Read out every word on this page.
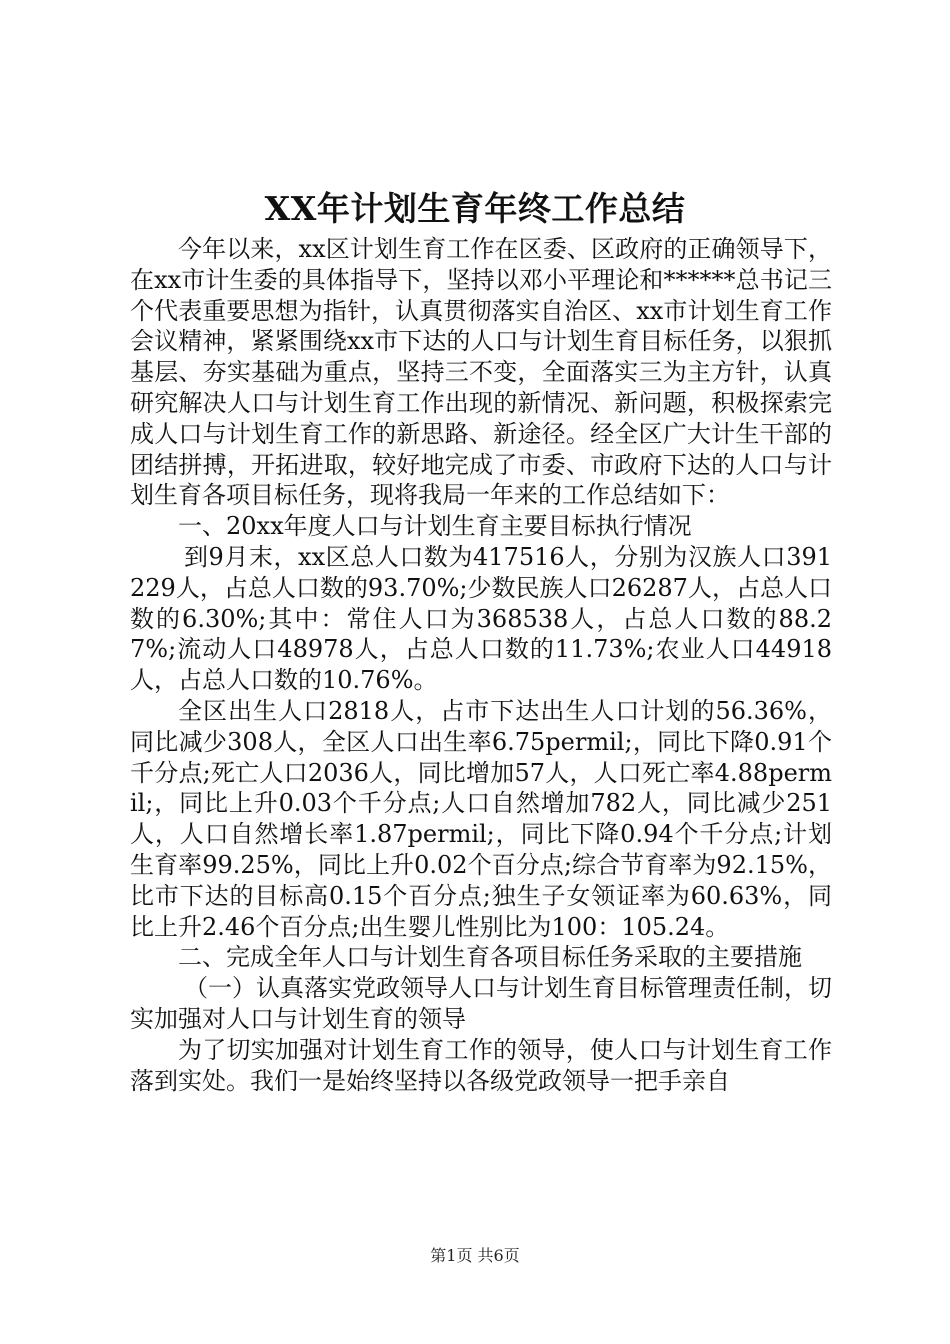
XX年计划生育年终工作总结

今年以来，xx区计划生育工作在区委、区政府的正确领导下，在xx市计生委的具体指导下，坚持以邓小平理论和******总书记三个代表重要思想为指针，认真贯彻落实自治区、xx市计划生育工作会议精神，紧紧围绕xx市下达的人口与计划生育目标任务，以狠抓基层、夯实基础为重点，坚持三不变，全面落实三为主方针，认真研究解决人口与计划生育工作出现的新情况、新问题，积极探索完成人口与计划生育工作的新思路、新途径。经全区广大计生干部的团结拼搏，开拓进取，较好地完成了市委、市政府下达的人口与计划生育各项目标任务，现将我局一年来的工作总结如下：

一、20xx年度人口与计划生育主要目标执行情况

到9月末，xx区总人口数为417516人，分别为汉族人口391229人，占总人口数的93.70%;少数民族人口26287人，占总人口数的6.30%;其中：常住人口为368538人，占总人口数的88.27%;流动人口48978人，占总人口数的11.73%;农业人口44918人，占总人口数的10.76%。

全区出生人口2818人，占市下达出生人口计划的56.36%，同比减少308人，全区人口出生率6.75permil;，同比下降0.91个千分点;死亡人口2036人，同比增加57人，人口死亡率4.88permil;，同比上升0.03个千分点;人口自然增加782人，同比减少251人，人口自然增长率1.87permil;，同比下降0.94个千分点;计划生育率99.25%，同比上升0.02个百分点;综合节育率为92.15%，比市下达的目标高0.15个百分点;独生子女领证率为60.63%，同比上升2.46个百分点;出生婴儿性别比为100：105.24。

二、完成全年人口与计划生育各项目标任务采取的主要措施

（一）认真落实党政领导人口与计划生育目标管理责任制，切实加强对人口与计划生育的领导

为了切实加强对计划生育工作的领导，使人口与计划生育工作落到实处。我们一是始终坚持以各级党政领导一把手亲自

第1页 共6页
